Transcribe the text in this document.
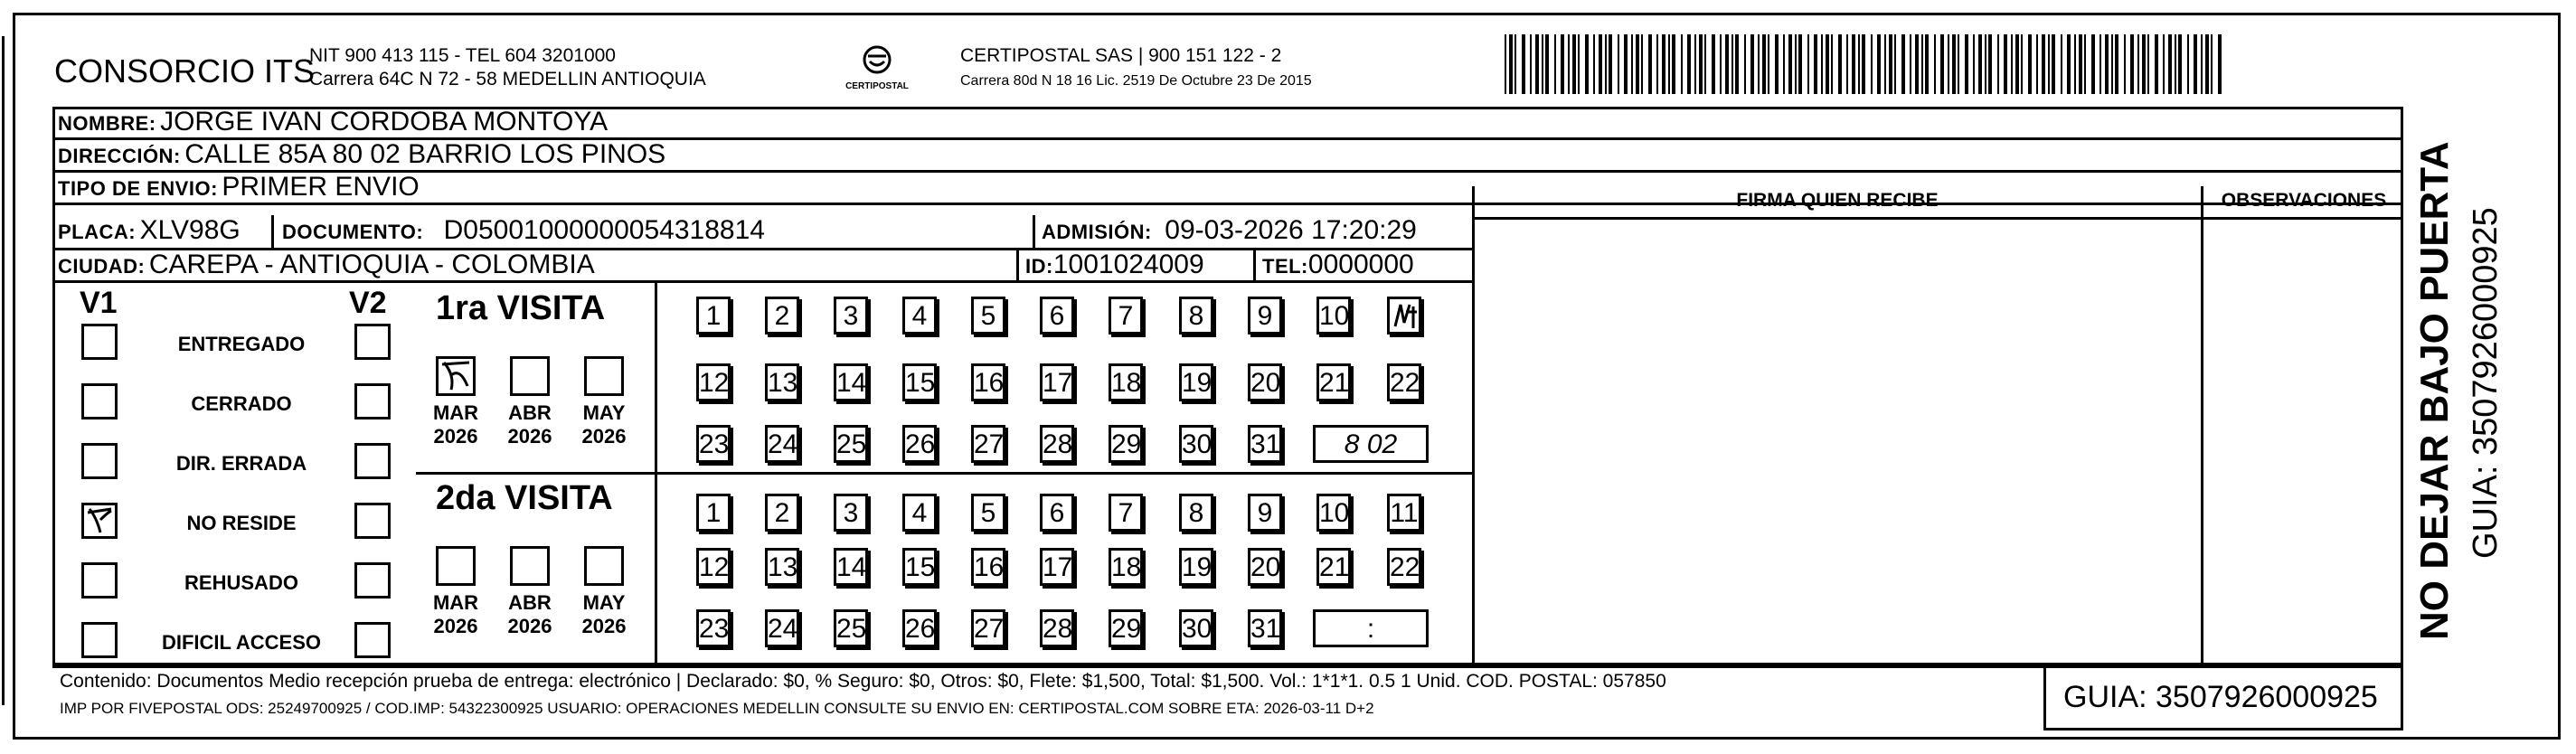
CONSORCIO ITS
NIT 900 413 115 - TEL 604 3201000
Carrera 64C N 72 - 58 MEDELLIN ANTIOQUIA	CERTIPOSTAL
CERTIPOSTAL SAS | 900 151 122 - 2
Carrera 80d N 18 16 Lic. 2519 De Octubre 23 De 2015
NOMBRE: JORGE IVAN CORDOBA MONTOYA
DIRECCIÓN: CALLE 85A 80 02 BARRIO LOS PINOS
TIPO DE ENVIO: PRIMER ENVIO
PLACA: XLV98G DOCUMENTO: D05001000000054318814	ADMISIÓN: 09-03-2026 17:20:29
CIUDAD: CAREPA - ANTIOQUIA - COLOMBIA	ID:1001024009	TEL:0000000
FIRMA QUIEN RECIBE	OBSERVACIONES
V1	V2
ENTREGADO
CERRADO
DIR. ERRADA
NO RESIDE
REHUSADO
DIFICIL ACCESO
1ra VISITA
2da VISITA
MAR
2026
ABR
2026
MAY
2026
MAR
2026
ABR
2026
MAY
2026
1	2	3	4	5	6	7	8	9	10
12 13 14 15 16 17 18 19 20 21 22
23 24 25 26 27 28 29 30 31	8 02
1	2	3	4	5	6	7	8	9	10 11
12 13 14 15 16 17 18 19 20 21 22
23 24 25 26 27 28 29 30 31	:
Contenido: Documentos Medio recepción prueba de entrega: electrónico | Declarado: $0, % Seguro: $0, Otros: $0, Flete: $1,500, Total: $1,500. Vol.: 1*1*1. 0.5 1 Unid. COD. POSTAL: 057850
IMP POR FIVEPOSTAL ODS: 25249700925 / COD.IMP: 54322300925 USUARIO: OPERACIONES MEDELLIN CONSULTE SU ENVIO EN: CERTIPOSTAL.COM SOBRE ETA: 2026-03-11 D+2	GUIA: 3507926000925
NO DEJAR BAJO PUERTA GUIA: 3507926000925
